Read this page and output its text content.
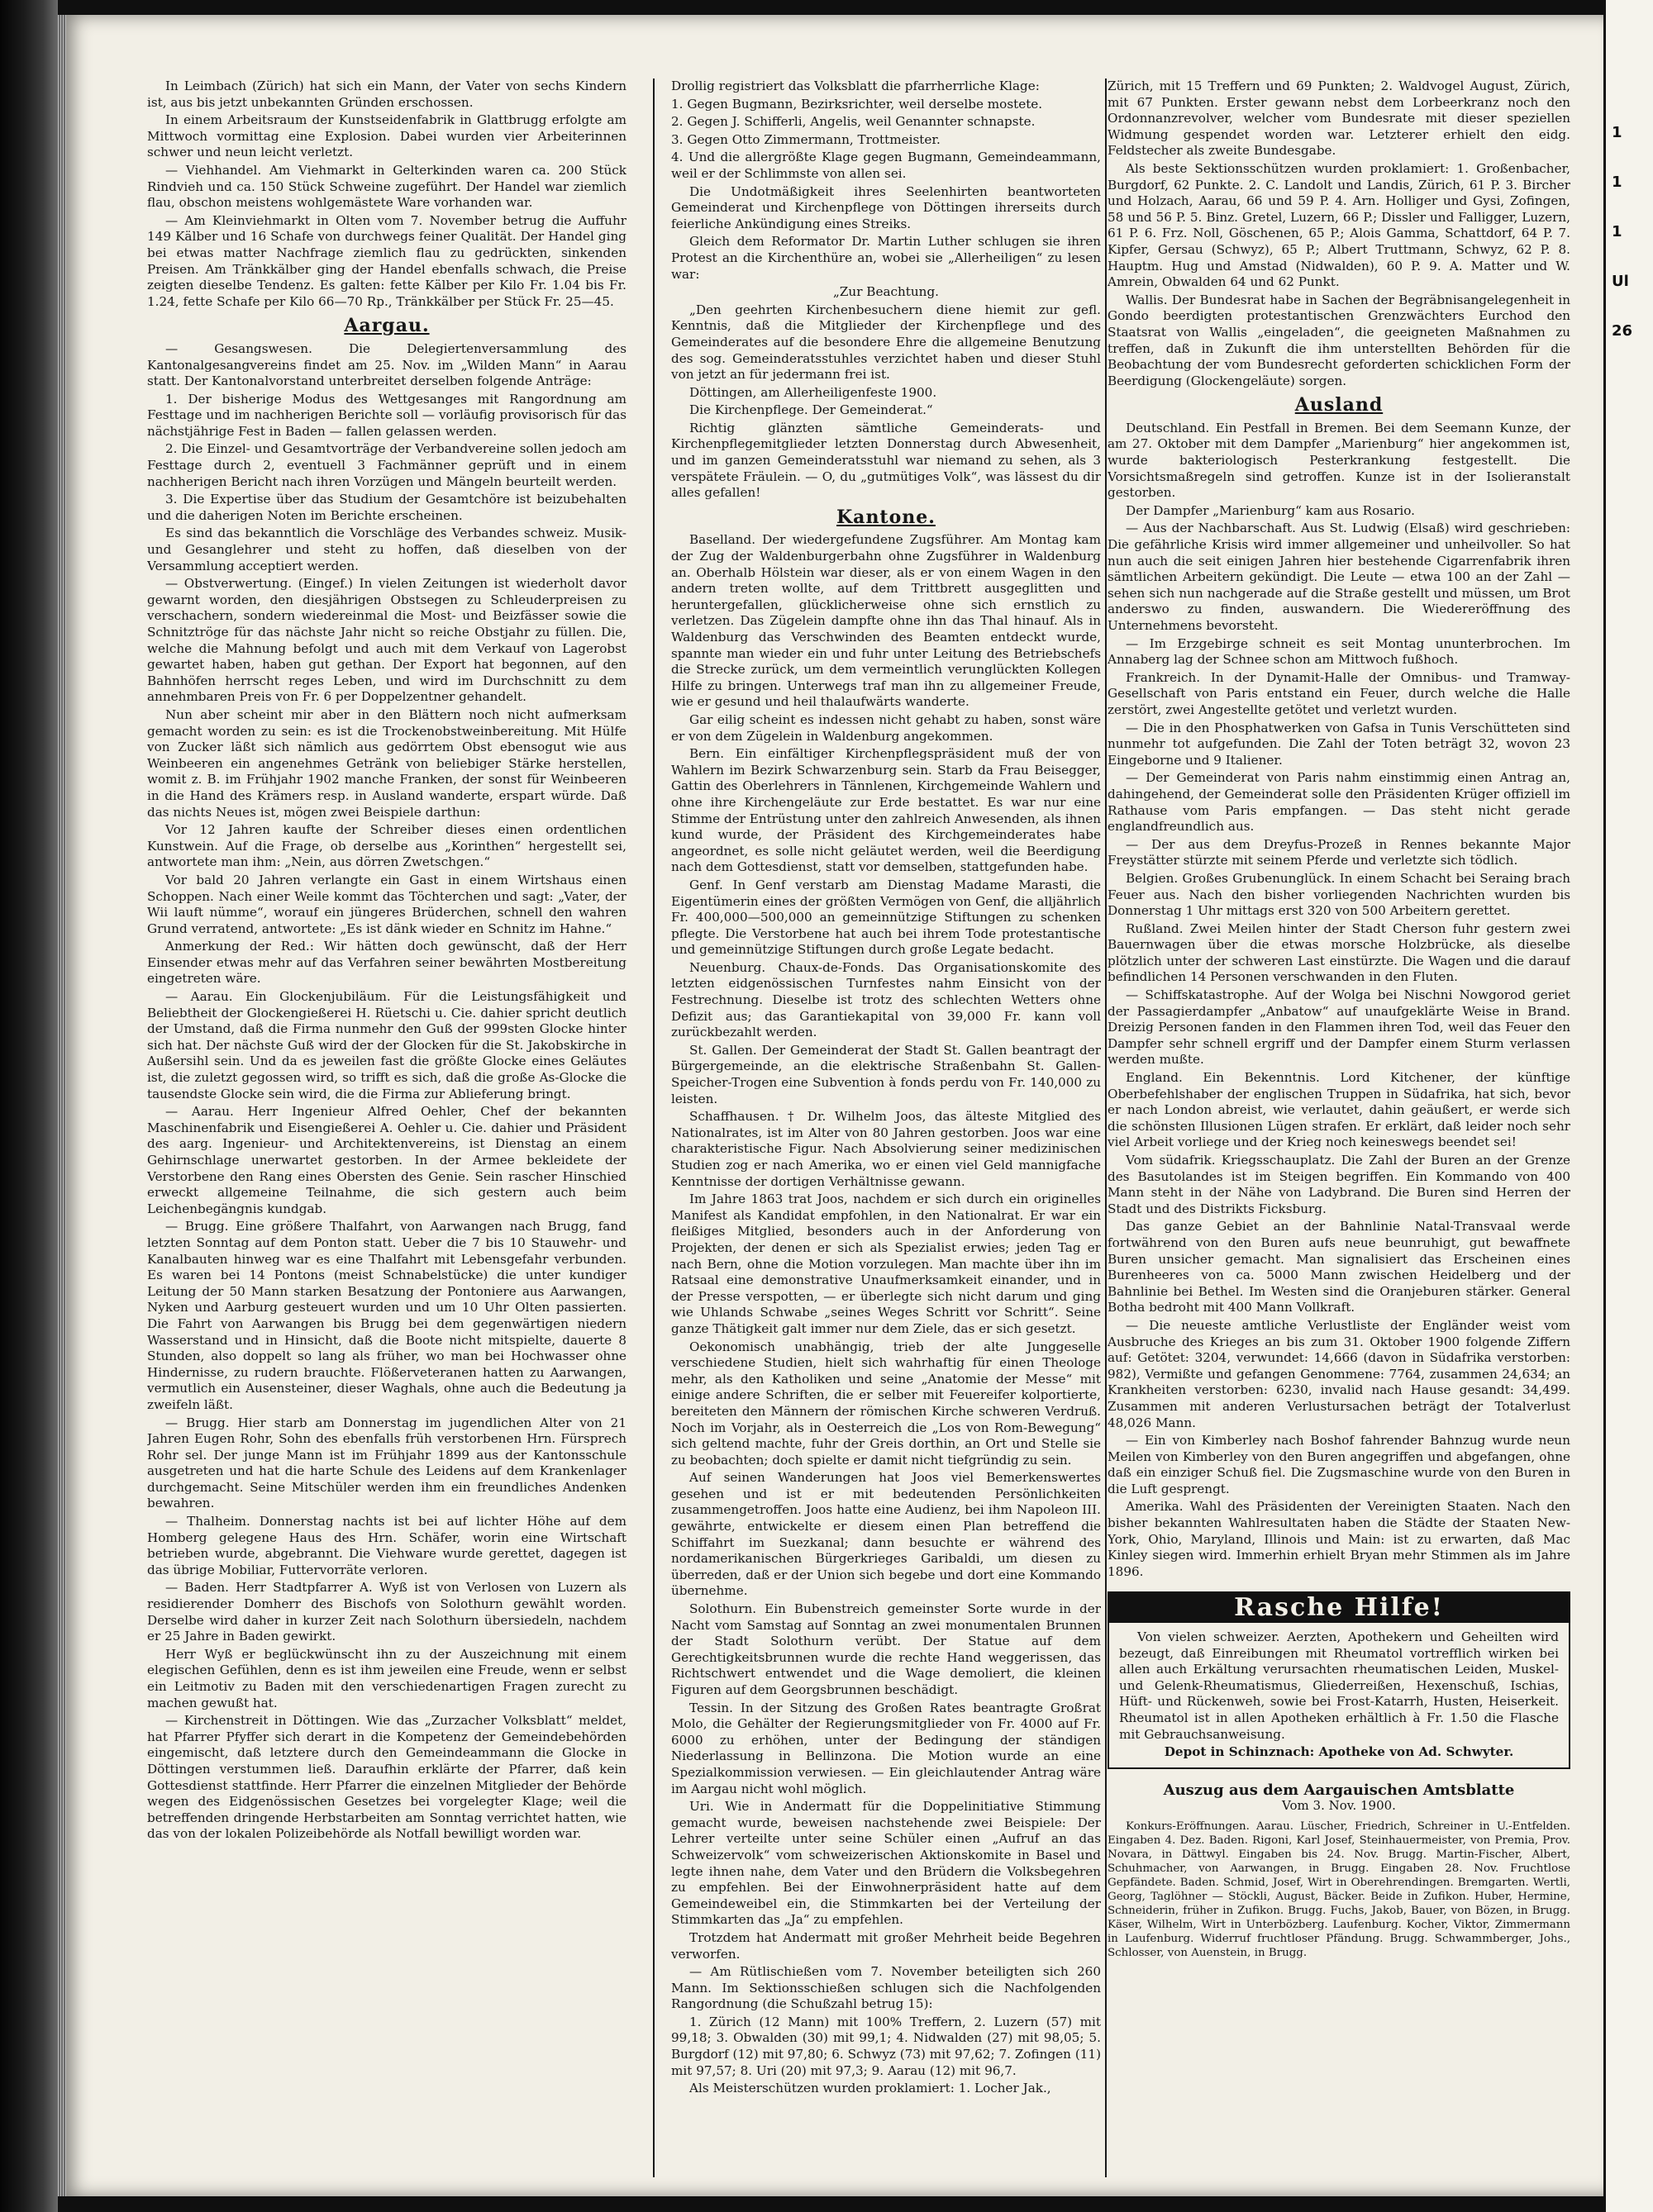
1
1
1
Ul
26

In Leimbach (Zürich) hat sich ein Mann, der Vater von sechs Kindern ist, aus bis jetzt unbekannten Gründen erschossen.

In einem Arbeitsraum der Kunstseidenfabrik in Glattbrugg erfolgte am Mittwoch vormittag eine Explosion. Dabei wurden vier Arbeiterinnen schwer und neun leicht verletzt.

— Viehhandel. Am Viehmarkt in Gelterkinden waren ca. 200 Stück Rindvieh und ca. 150 Stück Schweine zugeführt. Der Handel war ziemlich flau, obschon meistens wohlgemästete Ware vorhanden war.

— Am Kleinviehmarkt in Olten vom 7. November betrug die Auffuhr 149 Kälber und 16 Schafe von durchwegs feiner Qualität. Der Handel ging bei etwas matter Nachfrage ziemlich flau zu gedrückten, sinkenden Preisen. Am Tränkkälber ging der Handel ebenfalls schwach, die Preise zeigten dieselbe Tendenz. Es galten: fette Kälber per Kilo Fr. 1.04 bis Fr. 1.24, fette Schafe per Kilo 66—70 Rp., Tränkkälber per Stück Fr. 25—45.

Aargau.

— Gesangswesen. Die Delegiertenversammlung des Kantonalgesangvereins findet am 25. Nov. im „Wilden Mann“ in Aarau statt. Der Kantonalvorstand unterbreitet derselben folgende Anträge:

1. Der bisherige Modus des Wettgesanges mit Rangordnung am Festtage und im nachherigen Berichte soll — vorläufig provisorisch für das nächstjährige Fest in Baden — fallen gelassen werden.

2. Die Einzel- und Gesamtvorträge der Verbandvereine sollen jedoch am Festtage durch 2, eventuell 3 Fachmänner geprüft und in einem nachherigen Bericht nach ihren Vorzügen und Mängeln beurteilt werden.

3. Die Expertise über das Studium der Gesamtchöre ist beizubehalten und die daherigen Noten im Berichte erscheinen.

Es sind das bekanntlich die Vorschläge des Verbandes schweiz. Musik- und Gesanglehrer und steht zu hoffen, daß dieselben von der Versammlung acceptiert werden.

— Obstverwertung. (Eingef.) In vielen Zeitungen ist wiederholt davor gewarnt worden, den diesjährigen Obstsegen zu Schleuderpreisen zu verschachern, sondern wiedereinmal die Most- und Beizfässer sowie die Schnitztröge für das nächste Jahr nicht so reiche Obstjahr zu füllen. Die, welche die Mahnung befolgt und auch mit dem Verkauf von Lagerobst gewartet haben, haben gut gethan. Der Export hat begonnen, auf den Bahnhöfen herrscht reges Leben, und wird im Durchschnitt zu dem annehmbaren Preis von Fr. 6 per Doppelzentner gehandelt.

Nun aber scheint mir aber in den Blättern noch nicht aufmerksam gemacht worden zu sein: es ist die Trockenobstweinbereitung. Mit Hülfe von Zucker läßt sich nämlich aus gedörrtem Obst ebensogut wie aus Weinbeeren ein angenehmes Getränk von beliebiger Stärke herstellen, womit z. B. im Frühjahr 1902 manche Franken, der sonst für Weinbeeren in die Hand des Krämers resp. in Ausland wanderte, erspart würde. Daß das nichts Neues ist, mögen zwei Beispiele darthun:

Vor 12 Jahren kaufte der Schreiber dieses einen ordentlichen Kunstwein. Auf die Frage, ob derselbe aus „Korinthen“ hergestellt sei, antwortete man ihm: „Nein, aus dörren Zwetschgen.“

Vor bald 20 Jahren verlangte ein Gast in einem Wirtshaus einen Schoppen. Nach einer Weile kommt das Töchterchen und sagt: „Vater, der Wii lauft nümme“, worauf ein jüngeres Brüderchen, schnell den wahren Grund verratend, antwortete: „Es ist dänk wieder en Schnitz im Hahne.“

Anmerkung der Red.: Wir hätten doch gewünscht, daß der Herr Einsender etwas mehr auf das Verfahren seiner bewährten Mostbereitung eingetreten wäre.

— Aarau. Ein Glockenjubiläum. Für die Leistungsfähigkeit und Beliebtheit der Glockengießerei H. Rüetschi u. Cie. dahier spricht deutlich der Umstand, daß die Firma nunmehr den Guß der 999sten Glocke hinter sich hat. Der nächste Guß wird der der Glocken für die St. Jakobskirche in Außersihl sein. Und da es jeweilen fast die größte Glocke eines Geläutes ist, die zuletzt gegossen wird, so trifft es sich, daß die große As-Glocke die tausendste Glocke sein wird, die die Firma zur Ablieferung bringt.

— Aarau. Herr Ingenieur Alfred Oehler, Chef der bekannten Maschinenfabrik und Eisengießerei A. Oehler u. Cie. dahier und Präsident des aarg. Ingenieur- und Architektenvereins, ist Dienstag an einem Gehirnschlage unerwartet gestorben. In der Armee bekleidete der Verstorbene den Rang eines Obersten des Genie. Sein rascher Hinschied erweckt allgemeine Teilnahme, die sich gestern auch beim Leichenbegängnis kundgab.

— Brugg. Eine größere Thalfahrt, von Aarwangen nach Brugg, fand letzten Sonntag auf dem Ponton statt. Ueber die 7 bis 10 Stauwehr- und Kanalbauten hinweg war es eine Thalfahrt mit Lebensgefahr verbunden. Es waren bei 14 Pontons (meist Schnabelstücke) die unter kundiger Leitung der 50 Mann starken Besatzung der Pontoniere aus Aarwangen, Nyken und Aarburg gesteuert wurden und um 10 Uhr Olten passierten. Die Fahrt von Aarwangen bis Brugg bei dem gegenwärtigen niedern Wasserstand und in Hinsicht, daß die Boote nicht mitspielte, dauerte 8 Stunden, also doppelt so lang als früher, wo man bei Hochwasser ohne Hindernisse, zu rudern brauchte. Flößerveteranen hatten zu Aarwangen, vermutlich ein Ausensteiner, dieser Waghals, ohne auch die Bedeutung ja zweifeln läßt.

— Brugg. Hier starb am Donnerstag im jugendlichen Alter von 21 Jahren Eugen Rohr, Sohn des ebenfalls früh verstorbenen Hrn. Fürsprech Rohr sel. Der junge Mann ist im Frühjahr 1899 aus der Kantonsschule ausgetreten und hat die harte Schule des Leidens auf dem Krankenlager durchgemacht. Seine Mitschüler werden ihm ein freundliches Andenken bewahren.

— Thalheim. Donnerstag nachts ist bei auf lichter Höhe auf dem Homberg gelegene Haus des Hrn. Schäfer, worin eine Wirtschaft betrieben wurde, abgebrannt. Die Viehware wurde gerettet, dagegen ist das übrige Mobiliar, Futtervorräte verloren.

— Baden. Herr Stadtpfarrer A. Wyß ist von Verlosen von Luzern als residierender Domherr des Bischofs von Solothurn gewählt worden. Derselbe wird daher in kurzer Zeit nach Solothurn übersiedeln, nachdem er 25 Jahre in Baden gewirkt.

Herr Wyß er beglückwünscht ihn zu der Auszeichnung mit einem elegischen Gefühlen, denn es ist ihm jeweilen eine Freude, wenn er selbst ein Leitmotiv zu Baden mit den verschiedenartigen Fragen zurecht zu machen gewußt hat.

— Kirchenstreit in Döttingen. Wie das „Zurzacher Volksblatt“ meldet, hat Pfarrer Pfyffer sich derart in die Kompetenz der Gemeindebehörden eingemischt, daß letztere durch den Gemeindeammann die Glocke in Döttingen verstummen ließ. Daraufhin erklärte der Pfarrer, daß kein Gottesdienst stattfinde. Herr Pfarrer die einzelnen Mitglieder der Behörde wegen des Eidgenössischen Gesetzes bei vorgelegter Klage; weil die betreffenden dringende Herbstarbeiten am Sonntag verrichtet hatten, wie das von der lokalen Polizeibehörde als Notfall bewilligt worden war.

Drollig registriert das Volksblatt die pfarrherrliche Klage:

1. Gegen Bugmann, Bezirksrichter, weil derselbe mostete.

2. Gegen J. Schifferli, Angelis, weil Genannter schnapste.

3. Gegen Otto Zimmermann, Trottmeister.

4. Und die allergrößte Klage gegen Bugmann, Gemeindeammann, weil er der Schlimmste von allen sei.

Die Undotmäßigkeit ihres Seelenhirten beantworteten Gemeinderat und Kirchenpflege von Döttingen ihrerseits durch feierliche Ankündigung eines Streiks.

Gleich dem Reformator Dr. Martin Luther schlugen sie ihren Protest an die Kirchenthüre an, wobei sie „Allerheiligen“ zu lesen war:

„Zur Beachtung.

„Den geehrten Kirchenbesuchern diene hiemit zur gefl. Kenntnis, daß die Mitglieder der Kirchenpflege und des Gemeinderates auf die besondere Ehre die allgemeine Benutzung des sog. Gemeinderatsstuhles verzichtet haben und dieser Stuhl von jetzt an für jedermann frei ist.

Döttingen, am Allerheiligenfeste 1900.

Die Kirchenpflege. Der Gemeinderat.“

Richtig glänzten sämtliche Gemeinderats- und Kirchenpflegemitglieder letzten Donnerstag durch Abwesenheit, und im ganzen Gemeinderatsstuhl war niemand zu sehen, als 3 verspätete Fräulein. — O, du „gutmütiges Volk“, was lässest du dir alles gefallen!

Kantone.

Baselland. Der wiedergefundene Zugsführer. Am Montag kam der Zug der Waldenburgerbahn ohne Zugsführer in Waldenburg an. Oberhalb Hölstein war dieser, als er von einem Wagen in den andern treten wollte, auf dem Trittbrett ausgeglitten und heruntergefallen, glücklicherweise ohne sich ernstlich zu verletzen. Das Zügelein dampfte ohne ihn das Thal hinauf. Als in Waldenburg das Verschwinden des Beamten entdeckt wurde, spannte man wieder ein und fuhr unter Leitung des Betriebschefs die Strecke zurück, um dem vermeintlich verunglückten Kollegen Hilfe zu bringen. Unterwegs traf man ihn zu allgemeiner Freude, wie er gesund und heil thalaufwärts wanderte.

Gar eilig scheint es indessen nicht gehabt zu haben, sonst wäre er von dem Zügelein in Waldenburg angekommen.

Bern. Ein einfältiger Kirchenpflegspräsident muß der von Wahlern im Bezirk Schwarzenburg sein. Starb da Frau Beisegger, Gattin des Oberlehrers in Tännlenen, Kirchgemeinde Wahlern und ohne ihre Kirchengeläute zur Erde bestattet. Es war nur eine Stimme der Entrüstung unter den zahlreich Anwesenden, als ihnen kund wurde, der Präsident des Kirchgemeinderates habe angeordnet, es solle nicht geläutet werden, weil die Beerdigung nach dem Gottesdienst, statt vor demselben, stattgefunden habe.

Genf. In Genf verstarb am Dienstag Madame Marasti, die Eigentümerin eines der größten Vermögen von Genf, die alljährlich Fr. 400,000—500,000 an gemeinnützige Stiftungen zu schenken pflegte. Die Verstorbene hat auch bei ihrem Tode protestantische und gemeinnützige Stiftungen durch große Legate bedacht.

Neuenburg. Chaux-de-Fonds. Das Organisationskomite des letzten eidgenössischen Turnfestes nahm Einsicht von der Festrechnung. Dieselbe ist trotz des schlechten Wetters ohne Defizit aus; das Garantiekapital von 39,000 Fr. kann voll zurückbezahlt werden.

St. Gallen. Der Gemeinderat der Stadt St. Gallen beantragt der Bürgergemeinde, an die elektrische Straßenbahn St. Gallen-Speicher-Trogen eine Subvention à fonds perdu von Fr. 140,000 zu leisten.

Schaffhausen. † Dr. Wilhelm Joos, das älteste Mitglied des Nationalrates, ist im Alter von 80 Jahren gestorben. Joos war eine charakteristische Figur. Nach Absolvierung seiner medizinischen Studien zog er nach Amerika, wo er einen viel Geld mannigfache Kenntnisse der dortigen Verhältnisse gewann.

Im Jahre 1863 trat Joos, nachdem er sich durch ein originelles Manifest als Kandidat empfohlen, in den Nationalrat. Er war ein fleißiges Mitglied, besonders auch in der Anforderung von Projekten, der denen er sich als Spezialist erwies; jeden Tag er nach Bern, ohne die Motion vorzulegen. Man machte über ihn im Ratsaal eine demonstrative Unaufmerksamkeit einander, und in der Presse verspotten, — er überlegte sich nicht darum und ging wie Uhlands Schwabe „seines Weges Schritt vor Schritt“. Seine ganze Thätigkeit galt immer nur dem Ziele, das er sich gesetzt.

Oekonomisch unabhängig, trieb der alte Junggeselle verschiedene Studien, hielt sich wahrhaftig für einen Theologe mehr, als den Katholiken und seine „Anatomie der Messe“ mit einige andere Schriften, die er selber mit Feuereifer kolportierte, bereiteten den Männern der römischen Kirche schweren Verdruß. Noch im Vorjahr, als in Oesterreich die „Los von Rom-Bewegung“ sich geltend machte, fuhr der Greis dorthin, an Ort und Stelle sie zu beobachten; doch spielte er damit nicht tiefgründig zu sein.

Auf seinen Wanderungen hat Joos viel Bemerkenswertes gesehen und ist er mit bedeutenden Persönlichkeiten zusammengetroffen. Joos hatte eine Audienz, bei ihm Napoleon III. gewährte, entwickelte er diesem einen Plan betreffend die Schiffahrt im Suezkanal; dann besuchte er während des nordamerikanischen Bürgerkrieges Garibaldi, um diesen zu überreden, daß er der Union sich begebe und dort eine Kommando übernehme.

Solothurn. Ein Bubenstreich gemeinster Sorte wurde in der Nacht vom Samstag auf Sonntag an zwei monumentalen Brunnen der Stadt Solothurn verübt. Der Statue auf dem Gerechtigkeitsbrunnen wurde die rechte Hand weggerissen, das Richtschwert entwendet und die Wage demoliert, die kleinen Figuren auf dem Georgsbrunnen beschädigt.

Tessin. In der Sitzung des Großen Rates beantragte Großrat Molo, die Gehälter der Regierungsmitglieder von Fr. 4000 auf Fr. 6000 zu erhöhen, unter der Bedingung der ständigen Niederlassung in Bellinzona. Die Motion wurde an eine Spezialkommission verwiesen. — Ein gleichlautender Antrag wäre im Aargau nicht wohl möglich.

Uri. Wie in Andermatt für die Doppelinitiative Stimmung gemacht wurde, beweisen nachstehende zwei Beispiele: Der Lehrer verteilte unter seine Schüler einen „Aufruf an das Schweizervolk“ vom schweizerischen Aktionskomite in Basel und legte ihnen nahe, dem Vater und den Brüdern die Volksbegehren zu empfehlen. Bei der Einwohnerpräsident hatte auf dem Gemeindeweibel ein, die Stimmkarten bei der Verteilung der Stimmkarten das „Ja“ zu empfehlen.

Trotzdem hat Andermatt mit großer Mehrheit beide Begehren verworfen.

— Am Rütlischießen vom 7. November beteiligten sich 260 Mann. Im Sektionsschießen schlugen sich die Nachfolgenden Rangordnung (die Schußzahl betrug 15):

1. Zürich (12 Mann) mit 100% Treffern, 2. Luzern (57) mit 99,18; 3. Obwalden (30) mit 99,1; 4. Nidwalden (27) mit 98,05; 5. Burgdorf (12) mit 97,80; 6. Schwyz (73) mit 97,62; 7. Zofingen (11) mit 97,57; 8. Uri (20) mit 97,3; 9. Aarau (12) mit 96,7.

Als Meisterschützen wurden proklamiert: 1. Locher Jak.,

Zürich, mit 15 Treffern und 69 Punkten; 2. Waldvogel August, Zürich, mit 67 Punkten. Erster gewann nebst dem Lorbeerkranz noch den Ordonnanzrevolver, welcher vom Bundesrate mit dieser speziellen Widmung gespendet worden war. Letzterer erhielt den eidg. Feldstecher als zweite Bundesgabe.

Als beste Sektionsschützen wurden proklamiert: 1. Großenbacher, Burgdorf, 62 Punkte. 2. C. Landolt und Landis, Zürich, 61 P. 3. Bircher und Holzach, Aarau, 66 und 59 P. 4. Arn. Holliger und Gysi, Zofingen, 58 und 56 P. 5. Binz. Gretel, Luzern, 66 P.; Dissler und Falligger, Luzern, 61 P. 6. Frz. Noll, Göschenen, 65 P.; Alois Gamma, Schattdorf, 64 P. 7. Kipfer, Gersau (Schwyz), 65 P.; Albert Truttmann, Schwyz, 62 P. 8. Hauptm. Hug und Amstad (Nidwalden), 60 P. 9. A. Matter und W. Amrein, Obwalden 64 und 62 Punkt.

Wallis. Der Bundesrat habe in Sachen der Begräbnisangelegenheit in Gondo beerdigten protestantischen Grenzwächters Eurchod den Staatsrat von Wallis „eingeladen“, die geeigneten Maßnahmen zu treffen, daß in Zukunft die ihm unterstellten Behörden für die Beobachtung der vom Bundesrecht geforderten schicklichen Form der Beerdigung (Glockengeläute) sorgen.

Ausland

Deutschland. Ein Pestfall in Bremen. Bei dem Seemann Kunze, der am 27. Oktober mit dem Dampfer „Marienburg“ hier angekommen ist, wurde bakteriologisch Pesterkrankung festgestellt. Die Vorsichtsmaßregeln sind getroffen. Kunze ist in der Isolieranstalt gestorben.

Der Dampfer „Marienburg“ kam aus Rosario.

— Aus der Nachbarschaft. Aus St. Ludwig (Elsaß) wird geschrieben: Die gefährliche Krisis wird immer allgemeiner und unheilvoller. So hat nun auch die seit einigen Jahren hier bestehende Cigarrenfabrik ihren sämtlichen Arbeitern gekündigt. Die Leute — etwa 100 an der Zahl — sehen sich nun nachgerade auf die Straße gestellt und müssen, um Brot anderswo zu finden, auswandern. Die Wiedereröffnung des Unternehmens bevorsteht.

— Im Erzgebirge schneit es seit Montag ununterbrochen. Im Annaberg lag der Schnee schon am Mittwoch fußhoch.

Frankreich. In der Dynamit-Halle der Omnibus- und Tramway-Gesellschaft von Paris entstand ein Feuer, durch welche die Halle zerstört, zwei Angestellte getötet und verletzt wurden.

— Die in den Phosphatwerken von Gafsa in Tunis Verschütteten sind nunmehr tot aufgefunden. Die Zahl der Toten beträgt 32, wovon 23 Eingeborne und 9 Italiener.

— Der Gemeinderat von Paris nahm einstimmig einen Antrag an, dahingehend, der Gemeinderat solle den Präsidenten Krüger offiziell im Rathause vom Paris empfangen. — Das steht nicht gerade englandfreundlich aus.

— Der aus dem Dreyfus-Prozeß in Rennes bekannte Major Freystätter stürzte mit seinem Pferde und verletzte sich tödlich.

Belgien. Großes Grubenunglück. In einem Schacht bei Seraing brach Feuer aus. Nach den bisher vorliegenden Nachrichten wurden bis Donnerstag 1 Uhr mittags erst 320 von 500 Arbeitern gerettet.

Rußland. Zwei Meilen hinter der Stadt Cherson fuhr gestern zwei Bauernwagen über die etwas morsche Holzbrücke, als dieselbe plötzlich unter der schweren Last einstürzte. Die Wagen und die darauf befindlichen 14 Personen verschwanden in den Fluten.

— Schiffskatastrophe. Auf der Wolga bei Nischni Nowgorod geriet der Passagierdampfer „Anbatow“ auf unaufgeklärte Weise in Brand. Dreizig Personen fanden in den Flammen ihren Tod, weil das Feuer den Dampfer sehr schnell ergriff und der Dampfer einem Sturm verlassen werden mußte.

England. Ein Bekenntnis. Lord Kitchener, der künftige Oberbefehlshaber der englischen Truppen in Südafrika, hat sich, bevor er nach London abreist, wie verlautet, dahin geäußert, er werde sich die schönsten Illusionen Lügen strafen. Er erklärt, daß leider noch sehr viel Arbeit vorliege und der Krieg noch keineswegs beendet sei!

Vom südafrik. Kriegsschauplatz. Die Zahl der Buren an der Grenze des Basutolandes ist im Steigen begriffen. Ein Kommando von 400 Mann steht in der Nähe von Ladybrand. Die Buren sind Herren der Stadt und des Distrikts Ficksburg.

Das ganze Gebiet an der Bahnlinie Natal-Transvaal werde fortwährend von den Buren aufs neue beunruhigt, gut bewaffnete Buren unsicher gemacht. Man signalisiert das Erscheinen eines Burenheeres von ca. 5000 Mann zwischen Heidelberg und der Bahnlinie bei Bethel. Im Westen sind die Oranjeburen stärker. General Botha bedroht mit 400 Mann Vollkraft.

— Die neueste amtliche Verlustliste der Engländer weist vom Ausbruche des Krieges an bis zum 31. Oktober 1900 folgende Ziffern auf: Getötet: 3204, verwundet: 14,666 (davon in Südafrika verstorben: 982), Vermißte und gefangen Genommene: 7764, zusammen 24,634; an Krankheiten verstorben: 6230, invalid nach Hause gesandt: 34,499. Zusammen mit anderen Verlustursachen beträgt der Totalverlust 48,026 Mann.

— Ein von Kimberley nach Boshof fahrender Bahnzug wurde neun Meilen von Kimberley von den Buren angegriffen und abgefangen, ohne daß ein einziger Schuß fiel. Die Zugsmaschine wurde von den Buren in die Luft gesprengt.

Amerika. Wahl des Präsidenten der Vereinigten Staaten. Nach den bisher bekannten Wahlresultaten haben die Städte der Staaten New-York, Ohio, Maryland, Illinois und Main: ist zu erwarten, daß Mac Kinley siegen wird. Immerhin erhielt Bryan mehr Stimmen als im Jahre 1896.

Rasche Hilfe!

Von vielen schweizer. Aerzten, Apothekern und Geheilten wird bezeugt, daß Einreibungen mit Rheumatol vortrefflich wirken bei allen auch Erkältung verursachten rheumatischen Leiden, Muskel- und Gelenk-Rheumatismus, Gliederreißen, Hexenschuß, Ischias, Hüft- und Rückenweh, sowie bei Frost-Katarrh, Husten, Heiserkeit. Rheumatol ist in allen Apotheken erhältlich à Fr. 1.50 die Flasche mit Gebrauchsanweisung.

Depot in Schinznach: Apotheke von Ad. Schwyter.

Auszug aus dem Aargauischen Amtsblatte
Vom 3. Nov. 1900.

Konkurs-Eröffnungen. Aarau. Lüscher, Friedrich, Schreiner in U.-Entfelden. Eingaben 4. Dez. Baden. Rigoni, Karl Josef, Steinhauermeister, von Premia, Prov. Novara, in Dättwyl. Eingaben bis 24. Nov. Brugg. Martin-Fischer, Albert, Schuhmacher, von Aarwangen, in Brugg. Eingaben 28. Nov. Fruchtlose Gepfändete. Baden. Schmid, Josef, Wirt in Oberehrendingen. Bremgarten. Wertli, Georg, Taglöhner — Stöckli, August, Bäcker. Beide in Zufikon. Huber, Hermine, Schneiderin, früher in Zufikon. Brugg. Fuchs, Jakob, Bauer, von Bözen, in Brugg. Käser, Wilhelm, Wirt in Unterbözberg. Laufenburg. Kocher, Viktor, Zimmermann in Laufenburg. Widerruf fruchtloser Pfändung. Brugg. Schwammberger, Johs., Schlosser, von Auenstein, in Brugg.
